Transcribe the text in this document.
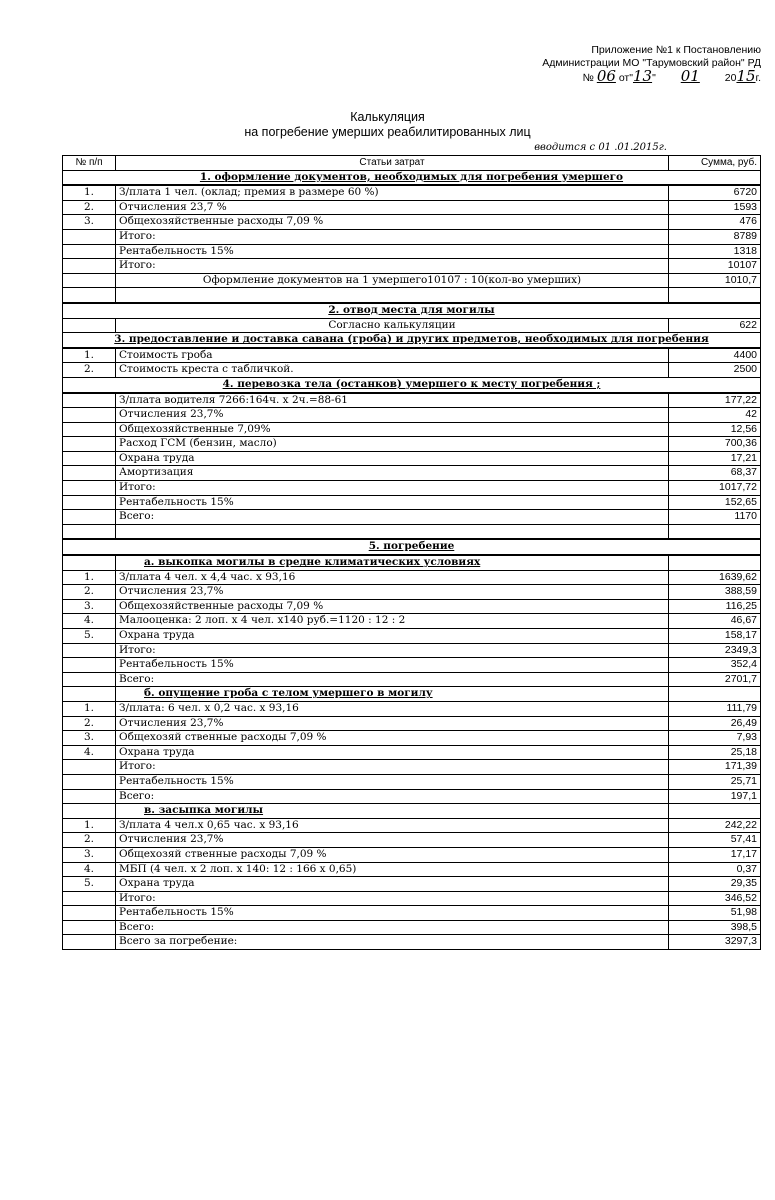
Приложение №1 к Постановлению
Администрации МО "Тарумовский район" РД
№ 06 от"13" 01 2015г.
Калькуляция
на погребение умерших реабилитированных лиц
вводится с 01 .01.2015г.
№ п/п	Статьи затрат	Сумма, руб.
1. оформление документов, необходимых для погребения умершего		
1.	З/плата 1 чел. (оклад; премия в размере 60 %)	6720
2.	Отчисления 23,7 %	1593
3.	Общехозяйственные расходы 7,09 %	476
	Итого:	8789
	Рентабельность 15%	1318
	Итого:	10107
	Оформление документов на 1 умершего10107 : 10(кол-во умерших)	1010,7

2. отвод места для могилы		
	Согласно калькуляции	622
3. предоставление и доставка савана (гроба) и других предметов, необходимых для погребения		
1.	Стоимость гроба	4400
2.	Стоимость креста с табличкой.	2500
4. перевозка тела (останков) умершего к месту погребения ;		
	З/плата водителя 7266:164ч. х 2ч.=88-61	177,22
	Отчисления 23,7%	42
	Общехозяйственные 7,09%	12,56
	Расход ГСМ (бензин, масло)	700,36
	Охрана труда	17,21
	Амортизация	68,37
	Итого:	1017,72
	Рентабельность 15%	152,65
	Всего:	1170

5. погребение		
	а. выкопка могилы в средне климатических условиях	
1.	З/плата 4 чел. х 4,4 час. х 93,16	1639,62
2.	Отчисления 23,7%	388,59
3.	Общехозяйственные расходы 7,09 %	116,25
4.	Малооценка: 2 лоп. х 4 чел. х140 руб.=1120 : 12 : 2	46,67
5.	Охрана труда	158,17
	Итого:	2349,3
	Рентабельность 15%	352,4
	Всего:	2701,7
	б. опущение гроба с телом умершего в могилу	
1.	З/плата: 6 чел. х 0,2 час. х 93,16	111,79
2.	Отчисления 23,7%	26,49
3.	Общехозяй ственные расходы 7,09 %	7,93
4.	Охрана труда	25,18
	Итого:	171,39
	Рентабельность 15%	25,71
	Всего:	197,1
	в. засыпка могилы	
1.	З/плата 4 чел.х 0,65 час. х 93,16	242,22
2.	Отчисления 23,7%	57,41
3.	Общехозяй ственные расходы 7,09 %	17,17
4.	МБП (4 чел. х 2 лоп. х 140: 12 : 166 х 0,65)	0,37
5.	Охрана труда	29,35
	Итого:	346,52
	Рентабельность 15%	51,98
	Всего:	398,5
	Всего за погребение:	3297,3
